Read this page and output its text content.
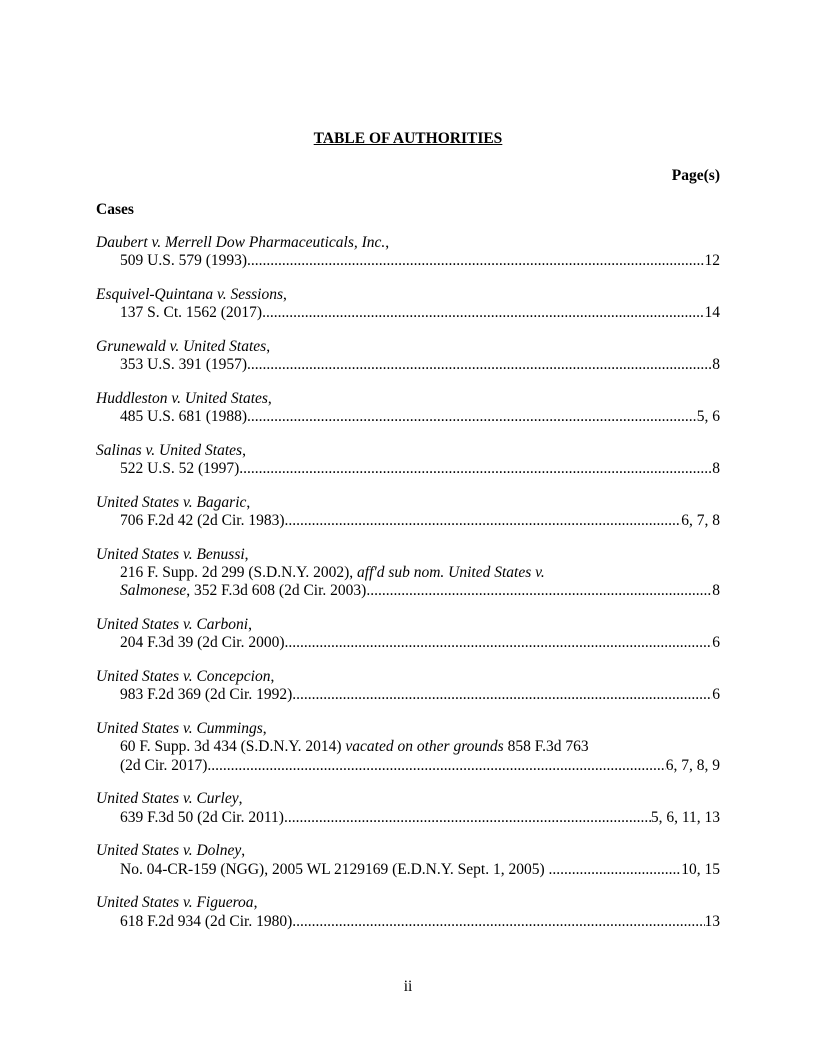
TABLE OF AUTHORITIES
Page(s)
Cases
Daubert v. Merrell Dow Pharmaceuticals, Inc.,
509 U.S. 579 (1993) .....	12
Esquivel-Quintana v. Sessions,
137 S. Ct. 1562 (2017) .....	14
Grunewald v. United States,
353 U.S. 391 (1957) .....	8
Huddleston v. United States,
485 U.S. 681 (1988) .....	5, 6
Salinas v. United States,
522 U.S. 52 (1997) .....	8
United States v. Bagaric,
706 F.2d 42 (2d Cir. 1983) .....	6, 7, 8
United States v. Benussi,
216 F. Supp. 2d 299 (S.D.N.Y. 2002), aff'd sub nom. United States v.
Salmonese, 352 F.3d 608 (2d Cir. 2003) .....	8
United States v. Carboni,
204 F.3d 39 (2d Cir. 2000) .....	6
United States v. Concepcion,
983 F.2d 369 (2d Cir. 1992) .....	6
United States v. Cummings,
60 F. Supp. 3d 434 (S.D.N.Y. 2014) vacated on other grounds 858 F.3d 763
(2d Cir. 2017) .....	6, 7, 8, 9
United States v. Curley,
639 F.3d 50 (2d Cir. 2011) .....	5, 6, 11, 13
United States v. Dolney,
No. 04-CR-159 (NGG), 2005 WL 2129169 (E.D.N.Y. Sept. 1, 2005) .....	10, 15
United States v. Figueroa,
618 F.2d 934 (2d Cir. 1980) .....	13
ii
